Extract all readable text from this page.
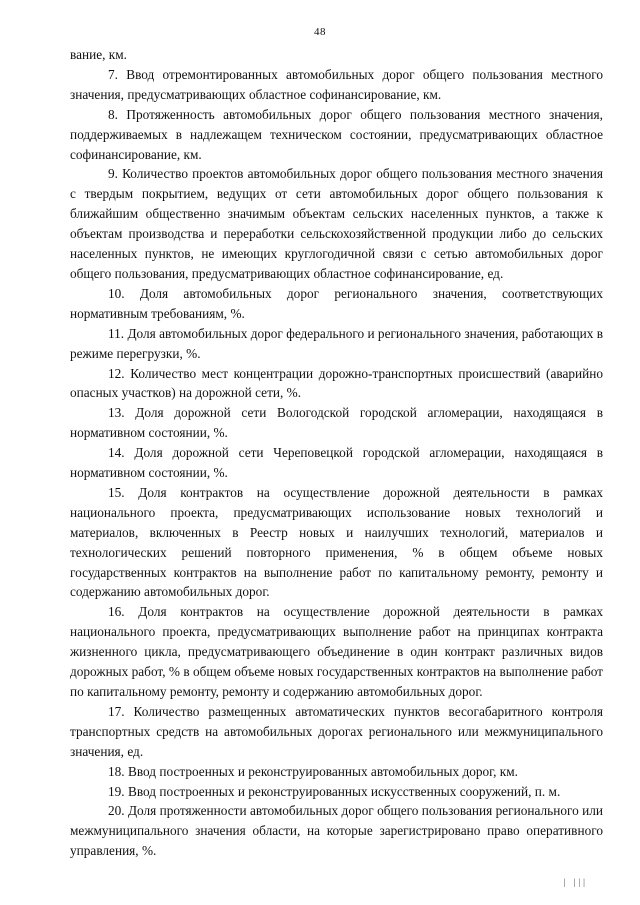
48

вание, км.

7. Ввод отремонтированных автомобильных дорог общего пользования местного значения, предусматривающих областное софинансирование, км.

8. Протяженность автомобильных дорог общего пользования местного значения, поддерживаемых в надлежащем техническом состоянии, предусматривающих областное софинансирование, км.

9. Количество проектов автомобильных дорог общего пользования местного значения с твердым покрытием, ведущих от сети автомобильных дорог общего пользования к ближайшим общественно значимым объектам сельских населенных пунктов, а также к объектам производства и переработки сельскохозяйственной продукции либо до сельских населенных пунктов, не имеющих круглогодичной связи с сетью автомобильных дорог общего пользования, предусматривающих областное софинансирование, ед.

10. Доля автомобильных дорог регионального значения, соответствующих нормативным требованиям, %.

11. Доля автомобильных дорог федерального и регионального значения, работающих в режиме перегрузки, %.

12. Количество мест концентрации дорожно-транспортных происшествий (аварийно опасных участков) на дорожной сети, %.

13. Доля дорожной сети Вологодской городской агломерации, находящаяся в нормативном состоянии, %.

14. Доля дорожной сети Череповецкой городской агломерации, находящаяся в нормативном состоянии, %.

15. Доля контрактов на осуществление дорожной деятельности в рамках национального проекта, предусматривающих использование новых технологий и материалов, включенных в Реестр новых и наилучших технологий, материалов и технологических решений повторного применения, % в общем объеме новых государственных контрактов на выполнение работ по капитальному ремонту, ремонту и содержанию автомобильных дорог.

16. Доля контрактов на осуществление дорожной деятельности в рамках национального проекта, предусматривающих выполнение работ на принципах контракта жизненного цикла, предусматривающего объединение в один контракт различных видов дорожных работ, % в общем объеме новых государственных контрактов на выполнение работ по капитальному ремонту, ремонту и содержанию автомобильных дорог.

17. Количество размещенных автоматических пунктов весогабаритного контроля транспортных средств на автомобильных дорогах регионального или межмуниципального значения, ед.

18. Ввод построенных и реконструированных автомобильных дорог, км.

19. Ввод построенных и реконструированных искусственных сооружений, п. м.

20. Доля протяженности автомобильных дорог общего пользования регионального или межмуниципального значения области, на которые зарегистрировано право оперативного управления, %.

| |||
